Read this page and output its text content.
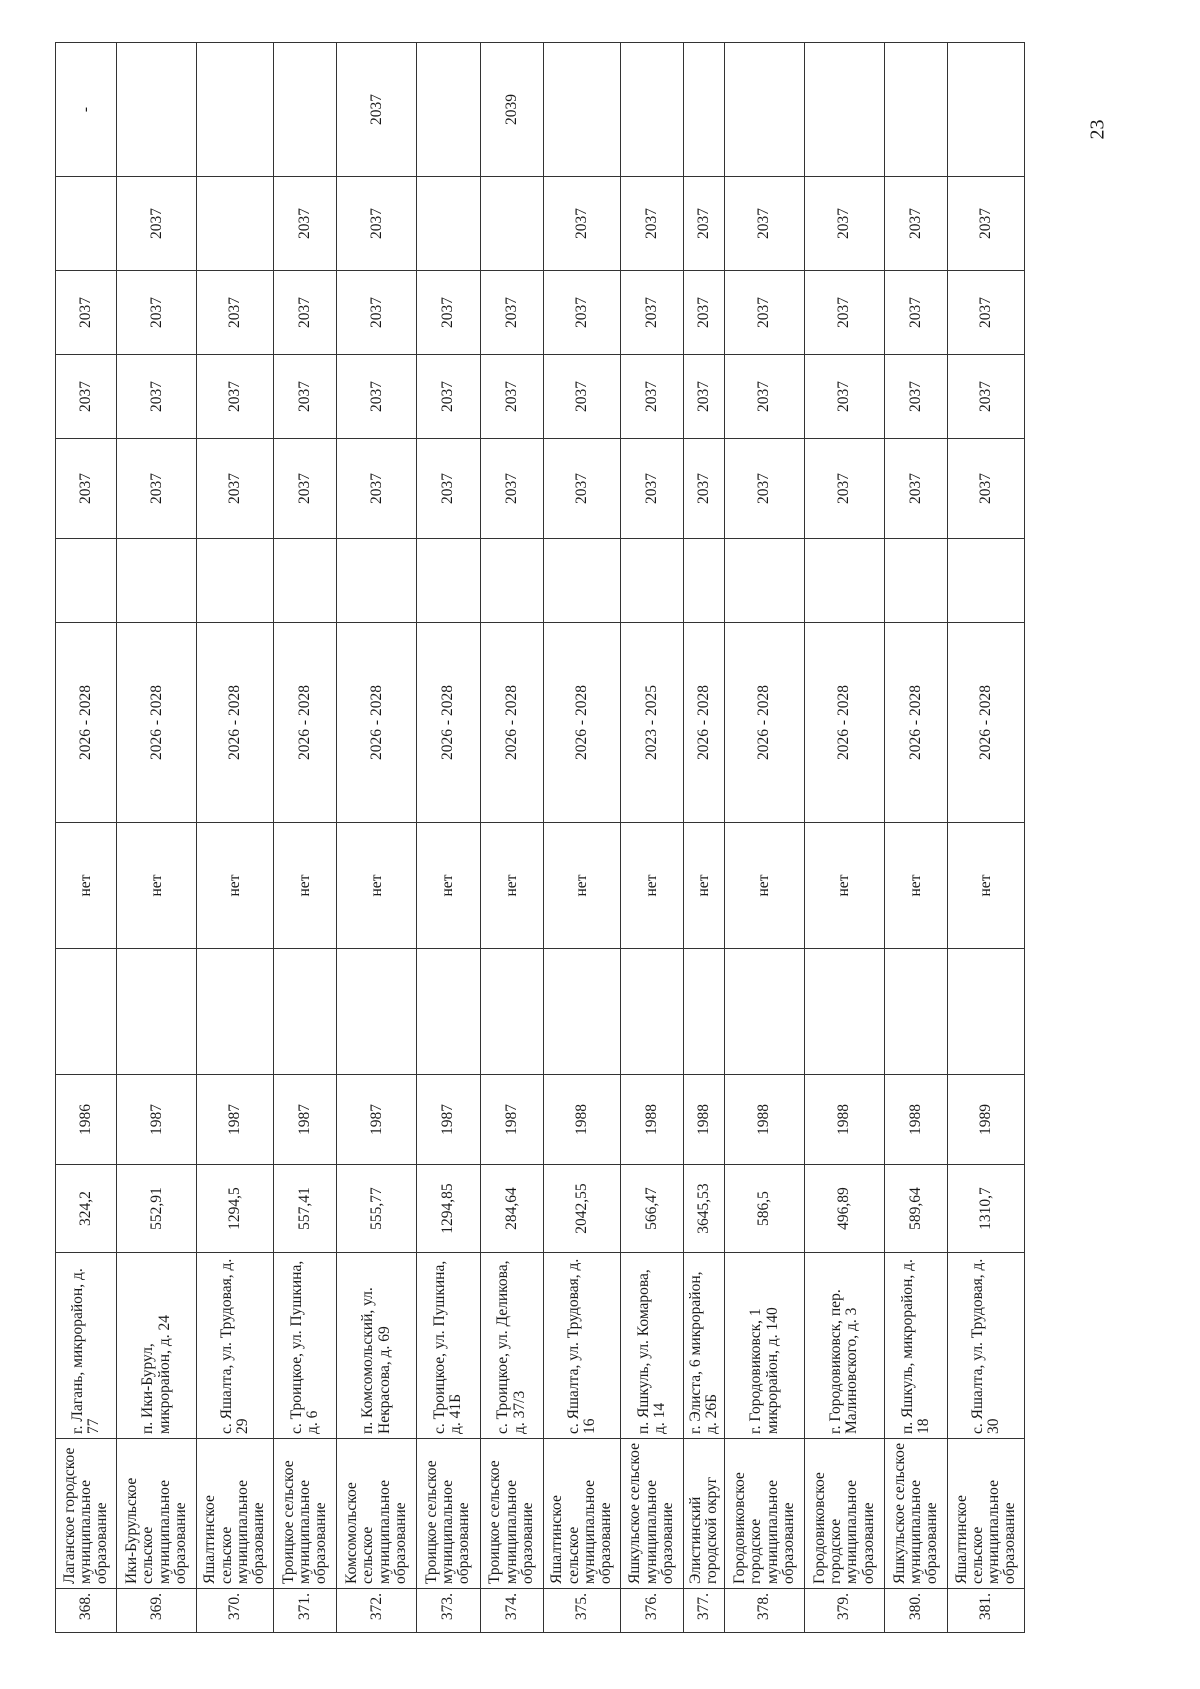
23
368.	Лаганское городское муниципальное образование	г. Лагань, микрорайон, д. 77	324,2	1986		нет	2026 - 2028		2037	2037	2037		-
369.	Ики-Бурульское сельское муниципальное образование	п. Ики-Бурул, микрорайон, д. 24	552,91	1987		нет	2026 - 2028		2037	2037	2037	2037	
370.	Яшалтинское сельское муниципальное образование	с. Яшалта, ул. Трудовая, д. 29	1294,5	1987		нет	2026 - 2028		2037	2037	2037		
371.	Троицкое сельское муниципальное образование	с. Троицкое, ул. Пушкина, д. 6	557,41	1987		нет	2026 - 2028		2037	2037	2037	2037	
372.	Комсомольское сельское муниципальное образование	п. Комсомольский, ул. Некрасова, д. 69	555,77	1987		нет	2026 - 2028		2037	2037	2037	2037	2037
373.	Троицкое сельское муниципальное образование	с. Троицкое, ул. Пушкина, д. 41Б	1294,85	1987		нет	2026 - 2028		2037	2037	2037		
374.	Троицкое сельское муниципальное образование	с. Троицкое, ул. Деликова, д. 37/3	284,64	1987		нет	2026 - 2028		2037	2037	2037		2039
375.	Яшалтинское сельское муниципальное образование	с. Яшалта, ул. Трудовая, д. 16	2042,55	1988		нет	2026 - 2028		2037	2037	2037	2037	
376.	Яшкульское сельское муниципальное образование	п. Яшкуль, ул. Комарова, д. 14	566,47	1988		нет	2023 - 2025		2037	2037	2037	2037	
377.	Элистинский городской округ	г. Элиста, 6 микрорайон, д. 26Б	3645,53	1988		нет	2026 - 2028		2037	2037	2037	2037	
378.	Городовиковское городское муниципальное образование	г. Городовиковск, 1 микрорайон, д. 140	586,5	1988		нет	2026 - 2028		2037	2037	2037	2037	
379.	Городовиковское городское муниципальное образование	г. Городовиковск, пер. Малиновского, д. 3	496,89	1988		нет	2026 - 2028		2037	2037	2037	2037	
380.	Яшкульское сельское муниципальное образование	п. Яшкуль, микрорайон, д. 18	589,64	1988		нет	2026 - 2028		2037	2037	2037	2037	
381.	Яшалтинское сельское муниципальное образование	с. Яшалта, ул. Трудовая, д. 30	1310,7	1989		нет	2026 - 2028		2037	2037	2037	2037	
